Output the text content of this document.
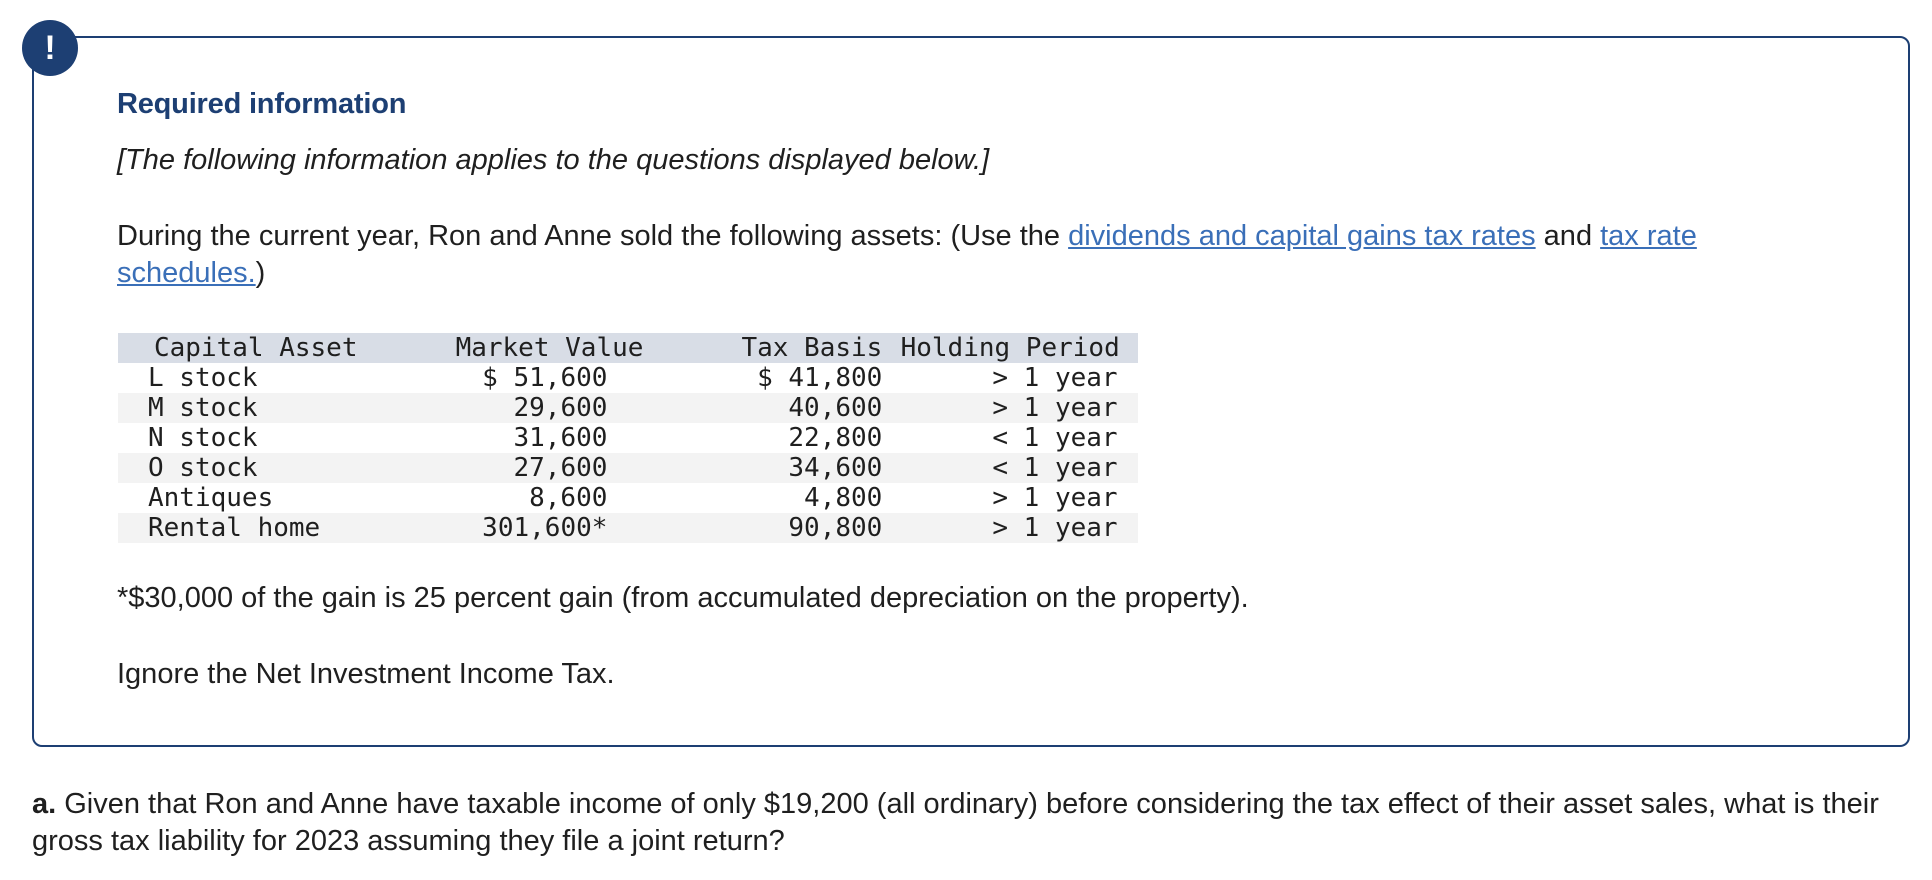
!
Required information
[The following information applies to the questions displayed below.]
During the current year, Ron and Anne sold the following assets: (Use the dividends and capital gains tax rates and tax rate schedules.)
Capital Asset	Market Value	Tax Basis	Holding Period
L stock	$ 51,600	$ 41,800	> 1 year
M stock	29,600	40,600	> 1 year
N stock	31,600	22,800	< 1 year
O stock	27,600	34,600	< 1 year
Antiques	8,600	4,800	> 1 year
Rental home	301,600*	90,800	> 1 year
*$30,000 of the gain is 25 percent gain (from accumulated depreciation on the property).
Ignore the Net Investment Income Tax.
a. Given that Ron and Anne have taxable income of only $19,200 (all ordinary) before considering the tax effect of their asset sales, what is their gross tax liability for 2023 assuming they file a joint return?
